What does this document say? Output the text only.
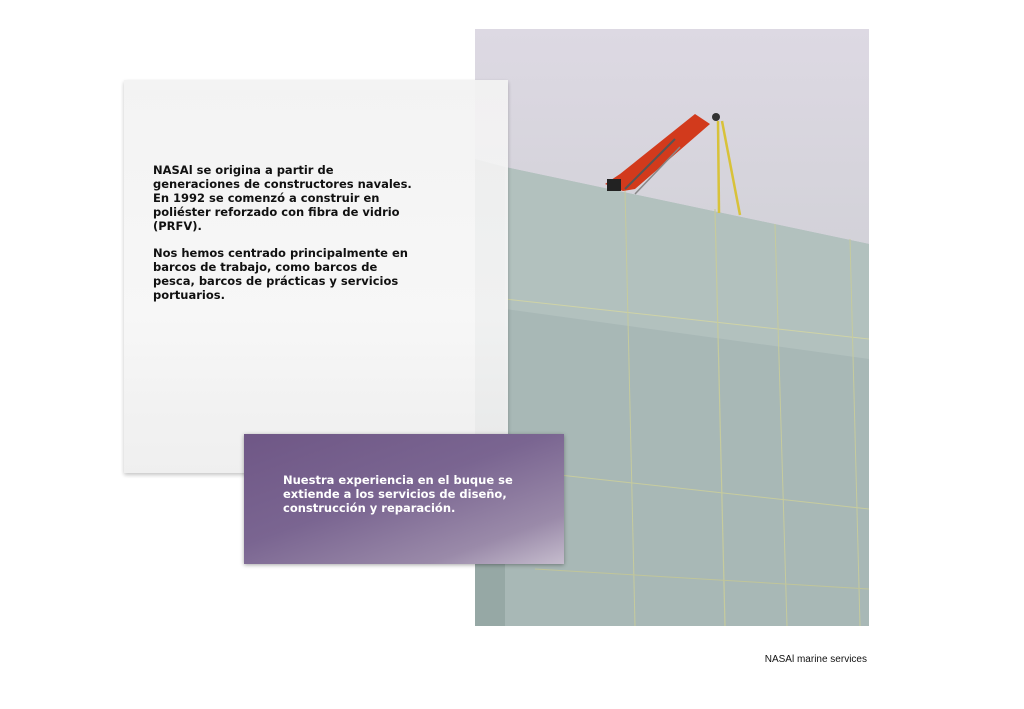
NASAl se origina a partir de generaciones de constructores navales. En 1992 se comenzó a construir en poliéster reforzado con fibra de vidrio (PRFV).

Nos hemos centrado principalmente en barcos de trabajo, como barcos de pesca, barcos de prácticas y servicios portuarios.

Nuestra experiencia en el buque se extiende a los servicios de diseño, construcción y reparación.
NASAl marine services
